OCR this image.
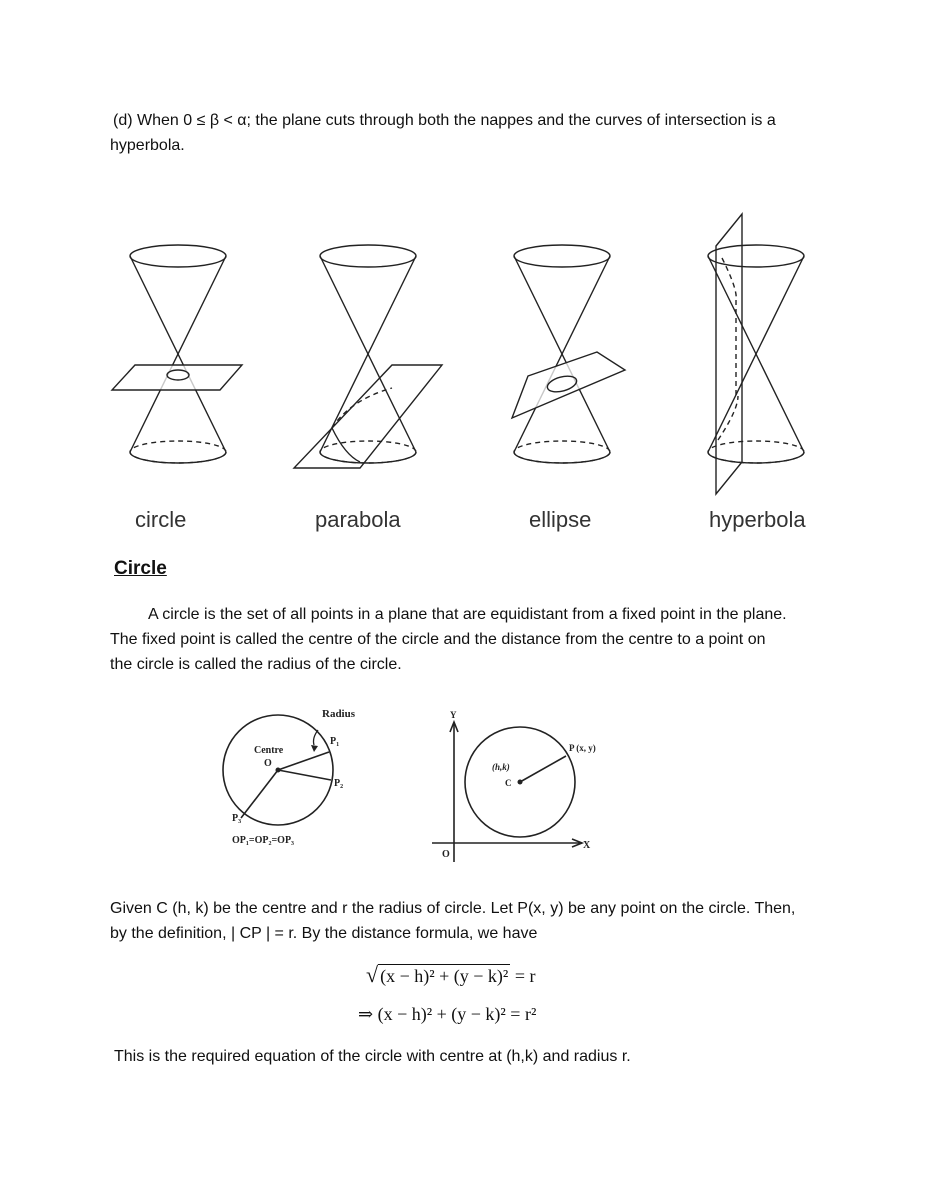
(d) When 0 ≤ β < α; the plane cuts through both the nappes and the curves of intersection is a
hyperbola.
circle	parabola	ellipse	hyperbola
Radius
Centre
O
$P_1$
$P_2$
$P_3$
OP₁=OP₂=OP₃
Y
X
O
(h,k)
C
P (x, y)
Circle
A circle is the set of all points in a plane that are equidistant from a fixed point in the plane.
The fixed point is called the centre of the circle and the distance from the centre to a point on
the circle is called the radius of the circle.
Given C (h, k) be the centre and r the radius of circle. Let P(x, y) be any point on the circle. Then,
by the definition, | CP | = r. By the distance formula, we have
√ (x − h)² + (y − k)² = r
⇒ (x − h)² + (y − k)² = r²
This is the required equation of the circle with centre at (h,k) and radius r.
